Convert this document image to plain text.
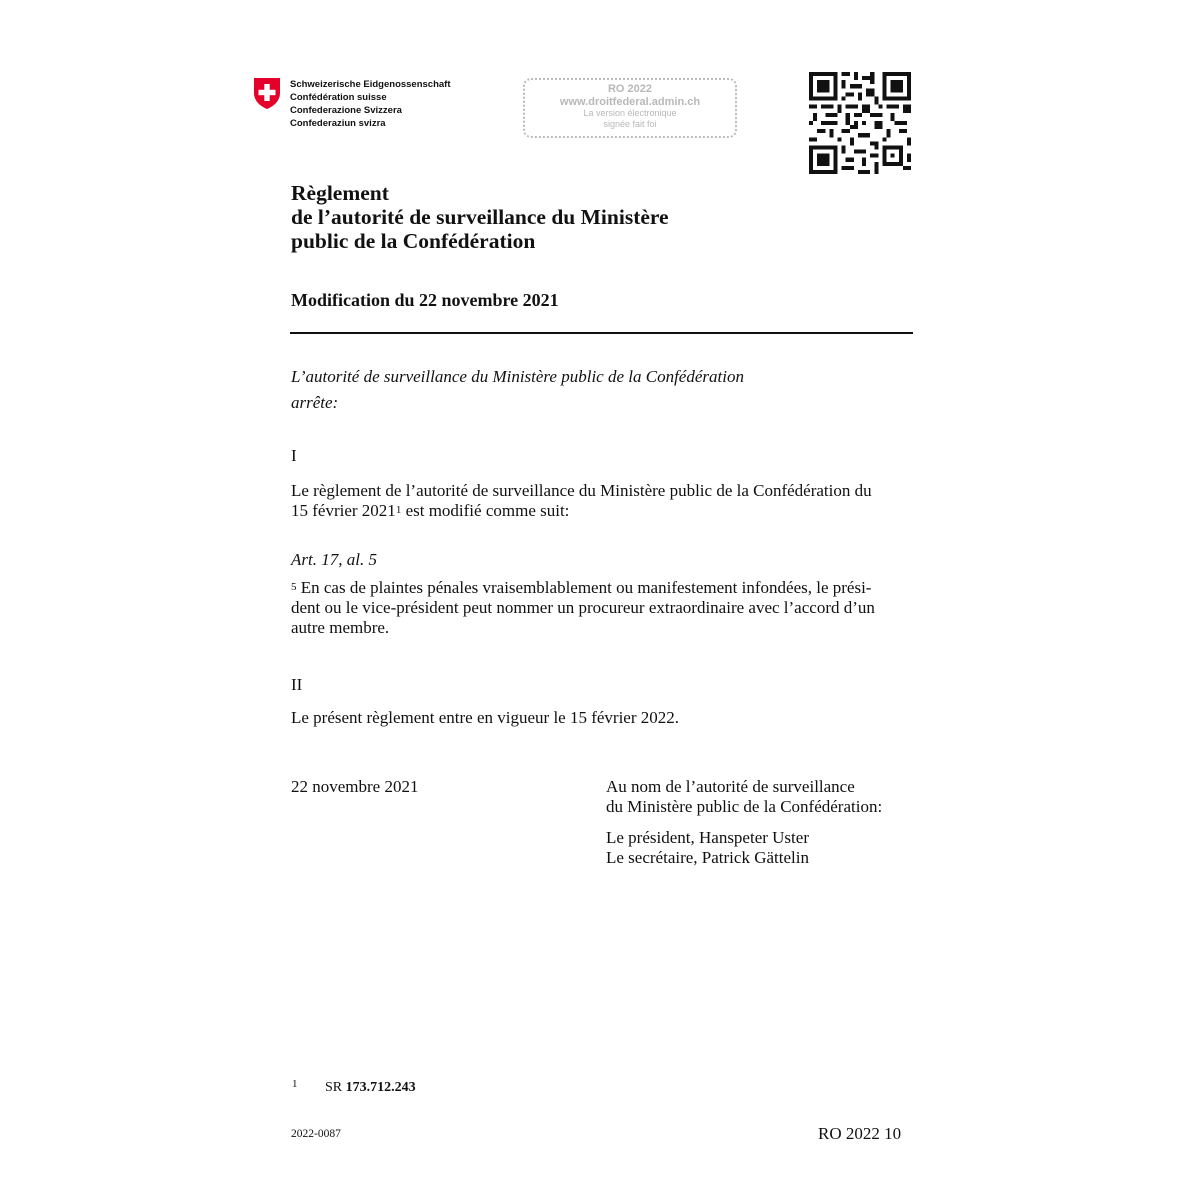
Schweizerische Eidgenossenschaft
Confédération suisse
Confederazione Svizzera
Confederaziun svizra
RO 2022
www.droitfederal.admin.ch
La version électronique
signée fait foi
Règlement
de l’autorité de surveillance du Ministère
public de la Confédération
Modification du 22 novembre 2021
L’autorité de surveillance du Ministère public de la Confédération
arrête:
I
Le règlement de l’autorité de surveillance du Ministère public de la Confédération du
15 février 2021$^1$ est modifié comme suit:
Art. 17, al. 5
$^5$ En cas de plaintes pénales vraisemblablement ou manifestement infondées, le prési-
dent ou le vice-président peut nommer un procureur extraordinaire avec l’accord d’un
autre membre.
II
Le présent règlement entre en vigueur le 15 février 2022.
22 novembre 2021	Au nom de l’autorité de surveillance
du Ministère public de la Confédération:
Le président, Hanspeter Uster
Le secrétaire, Patrick Gättelin
1 SR 173.712.243
2022-0087	RO 2022 10
